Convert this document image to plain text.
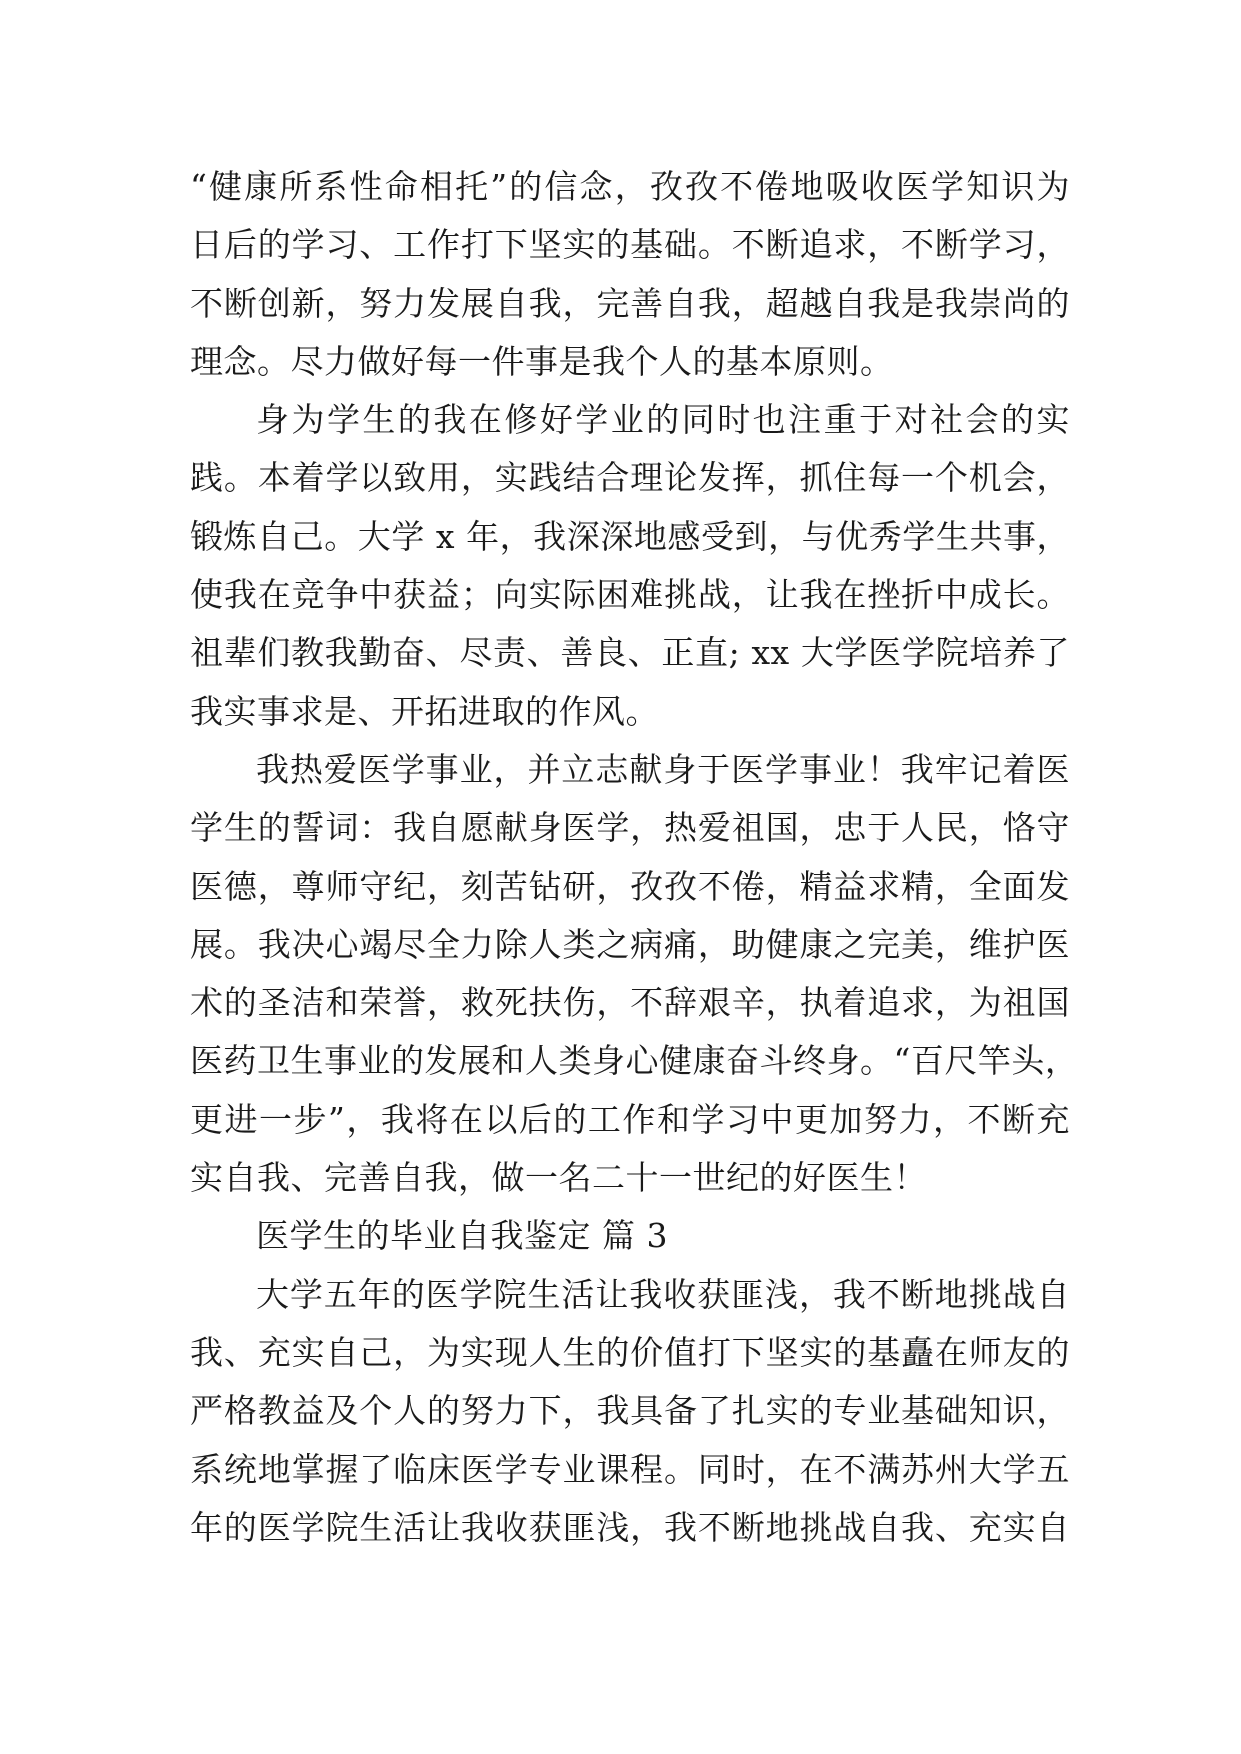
“健康所系性命相托”的信念，孜孜不倦地吸收医学知识为
日后的学习、工作打下坚实的基础。不断追求，不断学习，
不断创新，努力发展自我，完善自我，超越自我是我崇尚的
理念。尽力做好每一件事是我个人的基本原则。
身为学生的我在修好学业的同时也注重于对社会的实
践。本着学以致用，实践结合理论发挥，抓住每一个机会，
锻炼自己。大学 x 年，我深深地感受到，与优秀学生共事，
使我在竞争中获益；向实际困难挑战，让我在挫折中成长。
祖辈们教我勤奋、尽责、善良、正直; xx 大学医学院培养了
我实事求是、开拓进取的作风。
我热爱医学事业，并立志献身于医学事业！我牢记着医
学生的誓词：我自愿献身医学，热爱祖国，忠于人民，恪守
医德，尊师守纪，刻苦钻研，孜孜不倦，精益求精，全面发
展。我决心竭尽全力除人类之病痛，助健康之完美，维护医
术的圣洁和荣誉，救死扶伤，不辞艰辛，执着追求，为祖国
医药卫生事业的发展和人类身心健康奋斗终身。“百尺竿头，
更进一步”，我将在以后的工作和学习中更加努力，不断充
实自我、完善自我，做一名二十一世纪的好医生！
医学生的毕业自我鉴定 篇 3
大学五年的医学院生活让我收获匪浅，我不断地挑战自
我、充实自己，为实现人生的价值打下坚实的基矗在师友的
严格教益及个人的努力下，我具备了扎实的专业基础知识，
系统地掌握了临床医学专业课程。同时，在不满苏州大学五
年的医学院生活让我收获匪浅，我不断地挑战自我、充实自
